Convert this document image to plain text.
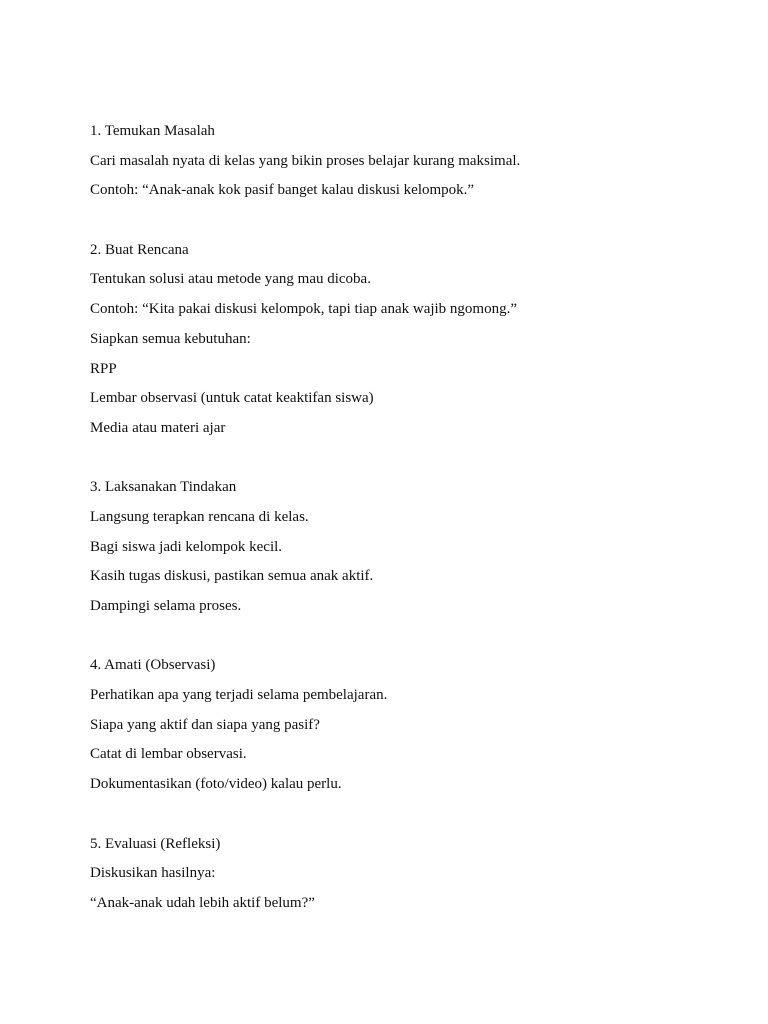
1. Temukan Masalah

Cari masalah nyata di kelas yang bikin proses belajar kurang maksimal.

Contoh: “Anak-anak kok pasif banget kalau diskusi kelompok.”

2. Buat Rencana

Tentukan solusi atau metode yang mau dicoba.

Contoh: “Kita pakai diskusi kelompok, tapi tiap anak wajib ngomong.”

Siapkan semua kebutuhan:

RPP

Lembar observasi (untuk catat keaktifan siswa)

Media atau materi ajar

3. Laksanakan Tindakan

Langsung terapkan rencana di kelas.

Bagi siswa jadi kelompok kecil.

Kasih tugas diskusi, pastikan semua anak aktif.

Dampingi selama proses.

4. Amati (Observasi)

Perhatikan apa yang terjadi selama pembelajaran.

Siapa yang aktif dan siapa yang pasif?

Catat di lembar observasi.

Dokumentasikan (foto/video) kalau perlu.

5. Evaluasi (Refleksi)

Diskusikan hasilnya:

“Anak-anak udah lebih aktif belum?”
